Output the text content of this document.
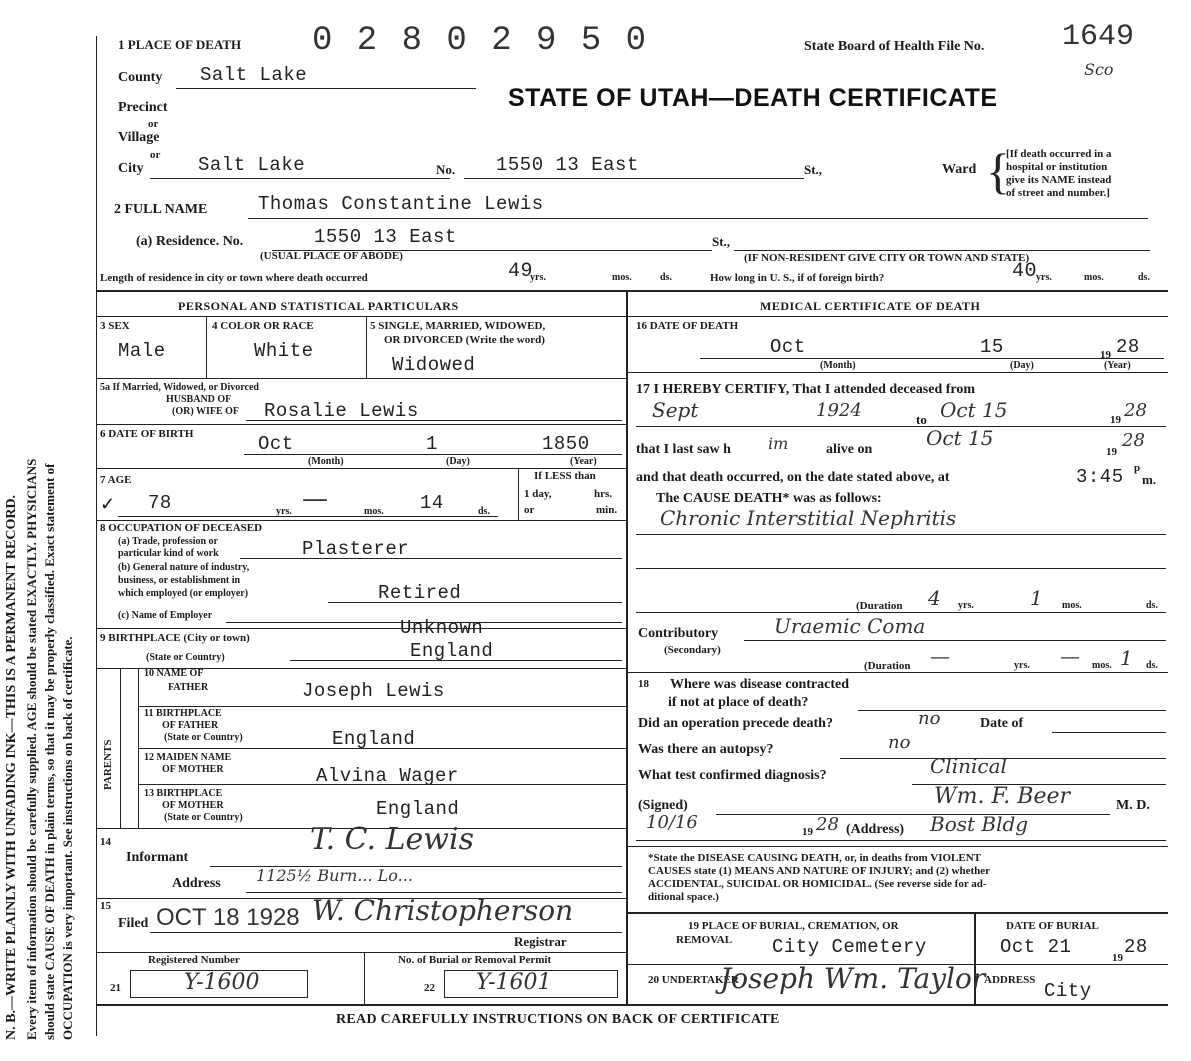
N. B.—WRITE PLAINLY WITH UNFADING INK—THIS IS A PERMANENT RECORD. Every item of information should be carefully supplied. AGE should be stated EXACTLY. PHYSICIANS should state CAUSE OF DEATH in plain terms, so that it may be properly classified. Exact statement of OCCUPATION is very important. See instructions on back of certificate.
1 PLACE OF DEATH 0 2 8 0 2 9 5 0	State Board of Health File No.	1649
Sco
County Salt Lake
STATE OF UTAH—DEATH CERTIFICATE
Precinct
or
Village
or
City	Salt Lake	No. 1550 13 East	St.,	Ward {
[If death occurred in a
hospital or institution
give its NAME instead
of street and number.]
2 FULL NAME	Thomas Constantine Lewis
(a) Residence. No.	1550 13 East	St.,
(USUAL PLACE OF ABODE)	(IF NON-RESIDENT GIVE CITY OR TOWN AND STATE)
Length of residence in city or town where death occurred	49
yrs.	mos.	ds.	How long in U. S., if of foreign birth?	40
yrs.	mos.	ds.
PERSONAL AND STATISTICAL PARTICULARS
3 SEX
Male
4 COLOR OR RACE
White
5 SINGLE, MARRIED, WIDOWED,
OR DIVORCED (Write the word)
Widowed
5a If Married, Widowed, or Divorced
HUSBAND OF
(OR) WIFE OF Rosalie Lewis
6 DATE OF BIRTH	Oct	1	1850
(Month)	(Day)	(Year)
7 AGE
✓ 78	yrs. —	mos. 14	ds.
If LESS than
1 day,	hrs.
or	min.
8 OCCUPATION OF DECEASED
(a) Trade, profession or
particular kind of work	Plasterer
(b) General nature of industry,
business, or establishment in
which employed (or employer)	Retired
(c) Name of Employer
9 BIRTHPLACE (City or town)	Unknown
England
(State or Country)
PARENTS
10 NAME OF
FATHER	Joseph Lewis
11 BIRTHPLACE
OF FATHER
(State or Country)	England
12 MAIDEN NAME
OF MOTHER	Alvina Wager
13 BIRTHPLACE
OF MOTHER
(State or Country)	England
14
Informant
T. C. Lewis
Address 1125½ Burn... Lo...
15
Filed OCT 18 1928 W. Christopherson
Registrar
Registered Number	No. of Burial or Removal Permit
21	Y-1600	22 Y-1601
MEDICAL CERTIFICATE OF DEATH
16 DATE OF DEATH
Oct	15	19 28
(Month)	(Day)	(Year)
17 I HEREBY CERTIFY, That I attended deceased from
Sept	1924	to Oct 15	19 28
that I last saw h im	alive on	Oct 15
19
28
and that death occurred, on the date stated above, at	3:45 p
m.
The CAUSE DEATH* was as follows:
Chronic Interstitial Nephritis
(Duration 4 yrs.	1 mos.	ds.
Contributory	Uraemic Coma
(Secondary)
(Duration —	yrs. — mos. 1 ds.
18 Where was disease contracted
if not at place of death?
Did an operation precede death?	no	Date of
Was there an autopsy?	no
What test confirmed diagnosis?	Clinical
(Signed)	Wm. F. Beer	M. D.
10/16	19 28 (Address) Bost Bldg
*State the DISEASE CAUSING DEATH, or, in deaths from VIOLENT
CAUSES state (1) MEANS AND NATURE OF INJURY; and (2) whether
ACCIDENTAL, SUICIDAL OR HOMICIDAL. (See reverse side for ad-
ditional space.)
19 PLACE OF BURIAL, CREMATION, OR
REMOVAL City Cemetery
DATE OF BURIAL
Oct 21	19 28
20 UNDERTAKER
Joseph Wm. Taylor
ADDRESS City
READ CAREFULLY INSTRUCTIONS ON BACK OF CERTIFICATE
